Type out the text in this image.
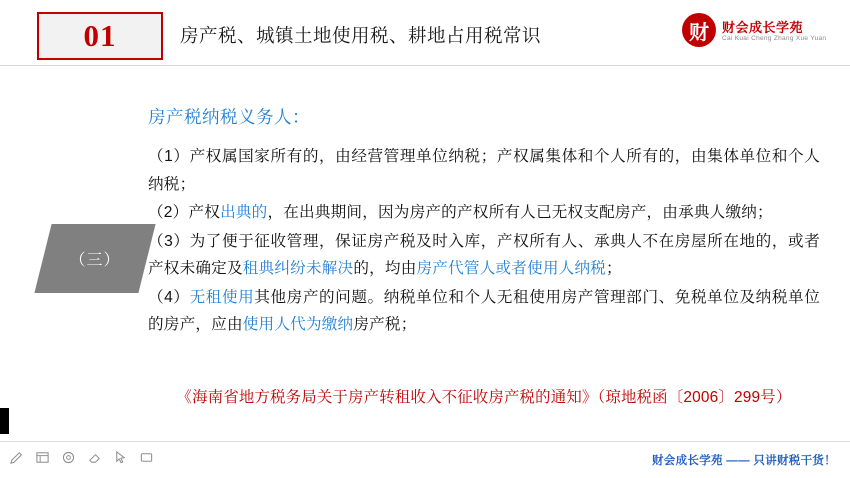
01	房产税、城镇土地使用税、耕地占用税常识	财	财会成长学苑
Cai Kuai Cheng Zhang Xue Yuan
（三）
房产税纳税义务人：

（1）产权属国家所有的，由经营管理单位纳税；产权属集体和个人所有的，由集体单位和个人纳税；

（2）产权出典的，在出典期间，因为房产的产权所有人已无权支配房产，由承典人缴纳；

（3）为了便于征收管理，保证房产税及时入库，产权所有人、承典人不在房屋所在地的，或者产权未确定及租典纠纷未解决的，均由房产代管人或者使用人纳税；

（4）无租使用其他房产的问题。纳税单位和个人无租使用房产管理部门、免税单位及纳税单位的房产，应由使用人代为缴纳房产税；

《海南省地方税务局关于房产转租收入不征收房产税的通知》（琼地税函〔2006〕299号）
财会成长学苑 —— 只讲财税干货！
